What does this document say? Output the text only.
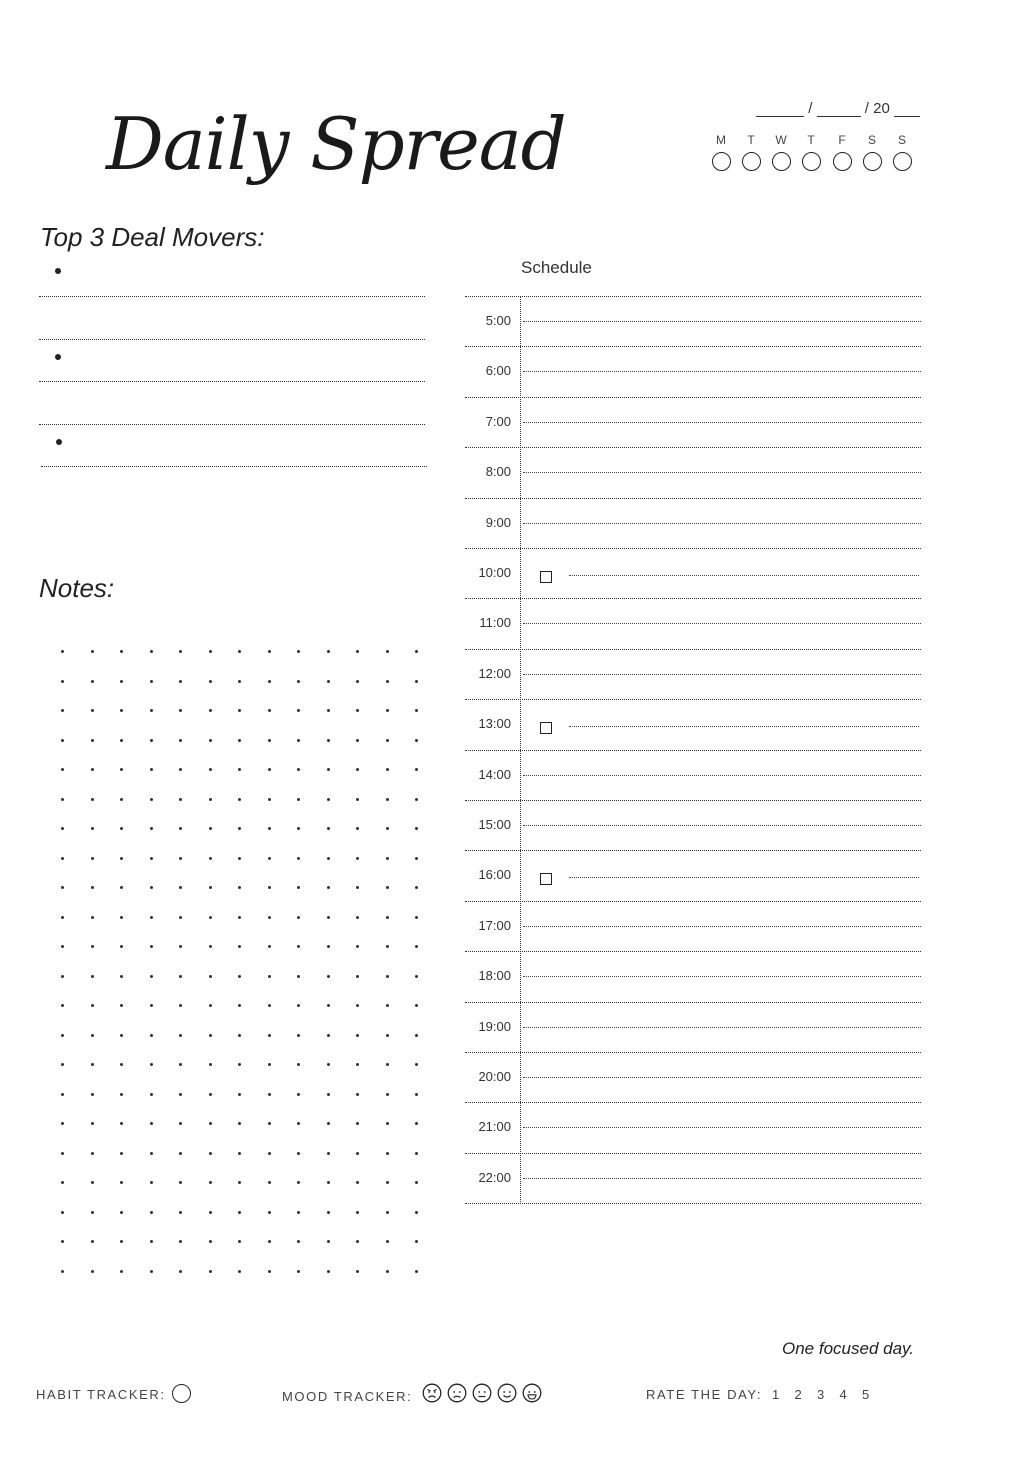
Daily Spread	/	/ 20
M	T	W	T	F	S	S
Top 3 Deal Movers:
Notes:
Schedule
5:00
6:00
7:00
8:00
9:00
10:00
11:00
12:00
13:00
14:00
15:00
16:00
17:00
18:00
19:00
20:00
21:00
22:00
One focused day.
HABIT TRACKER:	MOOD TRACKER:	RATE THE DAY: 1 2 3 4 5
